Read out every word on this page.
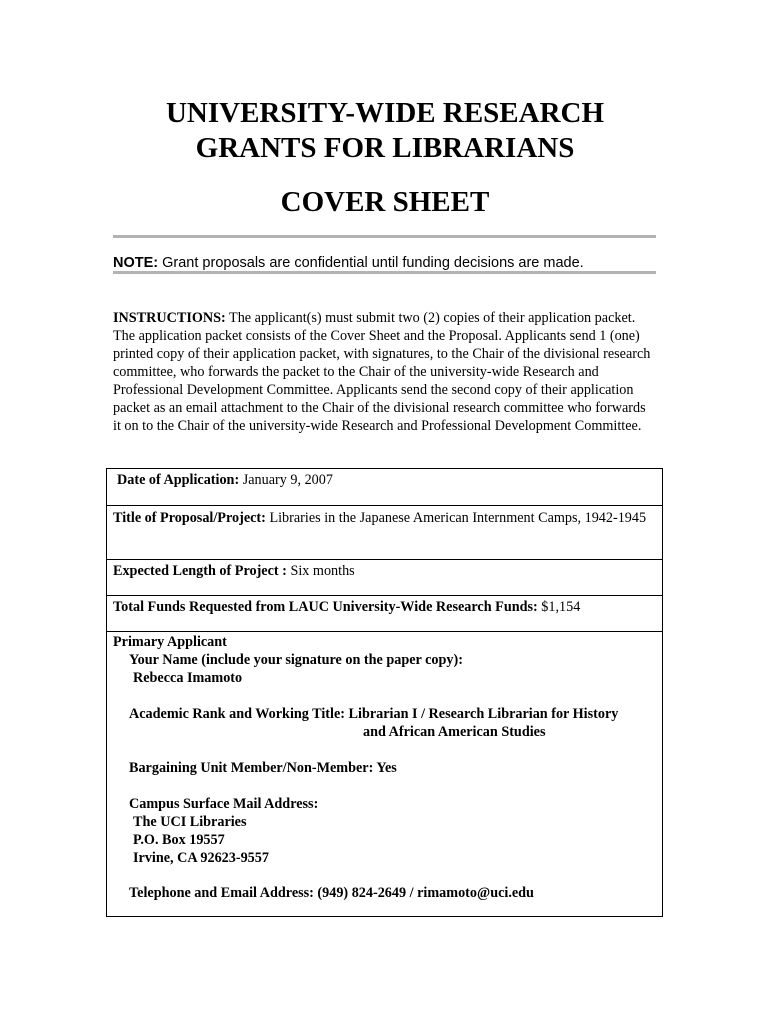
UNIVERSITY-WIDE RESEARCH
GRANTS FOR LIBRARIANS
COVER SHEET
NOTE: Grant proposals are confidential until funding decisions are made.
INSTRUCTIONS: The applicant(s) must submit two (2) copies of their application packet. The application packet consists of the Cover Sheet and the Proposal. Applicants send 1 (one) printed copy of their application packet, with signatures, to the Chair of the divisional research committee, who forwards the packet to the Chair of the university-wide Research and Professional Development Committee. Applicants send the second copy of their application packet as an email attachment to the Chair of the divisional research committee who forwards it on to the Chair of the university-wide Research and Professional Development Committee.
Date of Application: January 9, 2007
Title of Proposal/Project: Libraries in the Japanese American Internment Camps, 1942-1945
Expected Length of Project : Six months
Total Funds Requested from LAUC University-Wide Research Funds: $1,154
Primary Applicant
Your Name (include your signature on the paper copy):
Rebecca Imamoto
Academic Rank and Working Title: Librarian I / Research Librarian for History
and African American Studies
Bargaining Unit Member/Non-Member: Yes
Campus Surface Mail Address:
The UCI Libraries
P.O. Box 19557
Irvine, CA 92623-9557
Telephone and Email Address: (949) 824-2649 / rimamoto@uci.edu
